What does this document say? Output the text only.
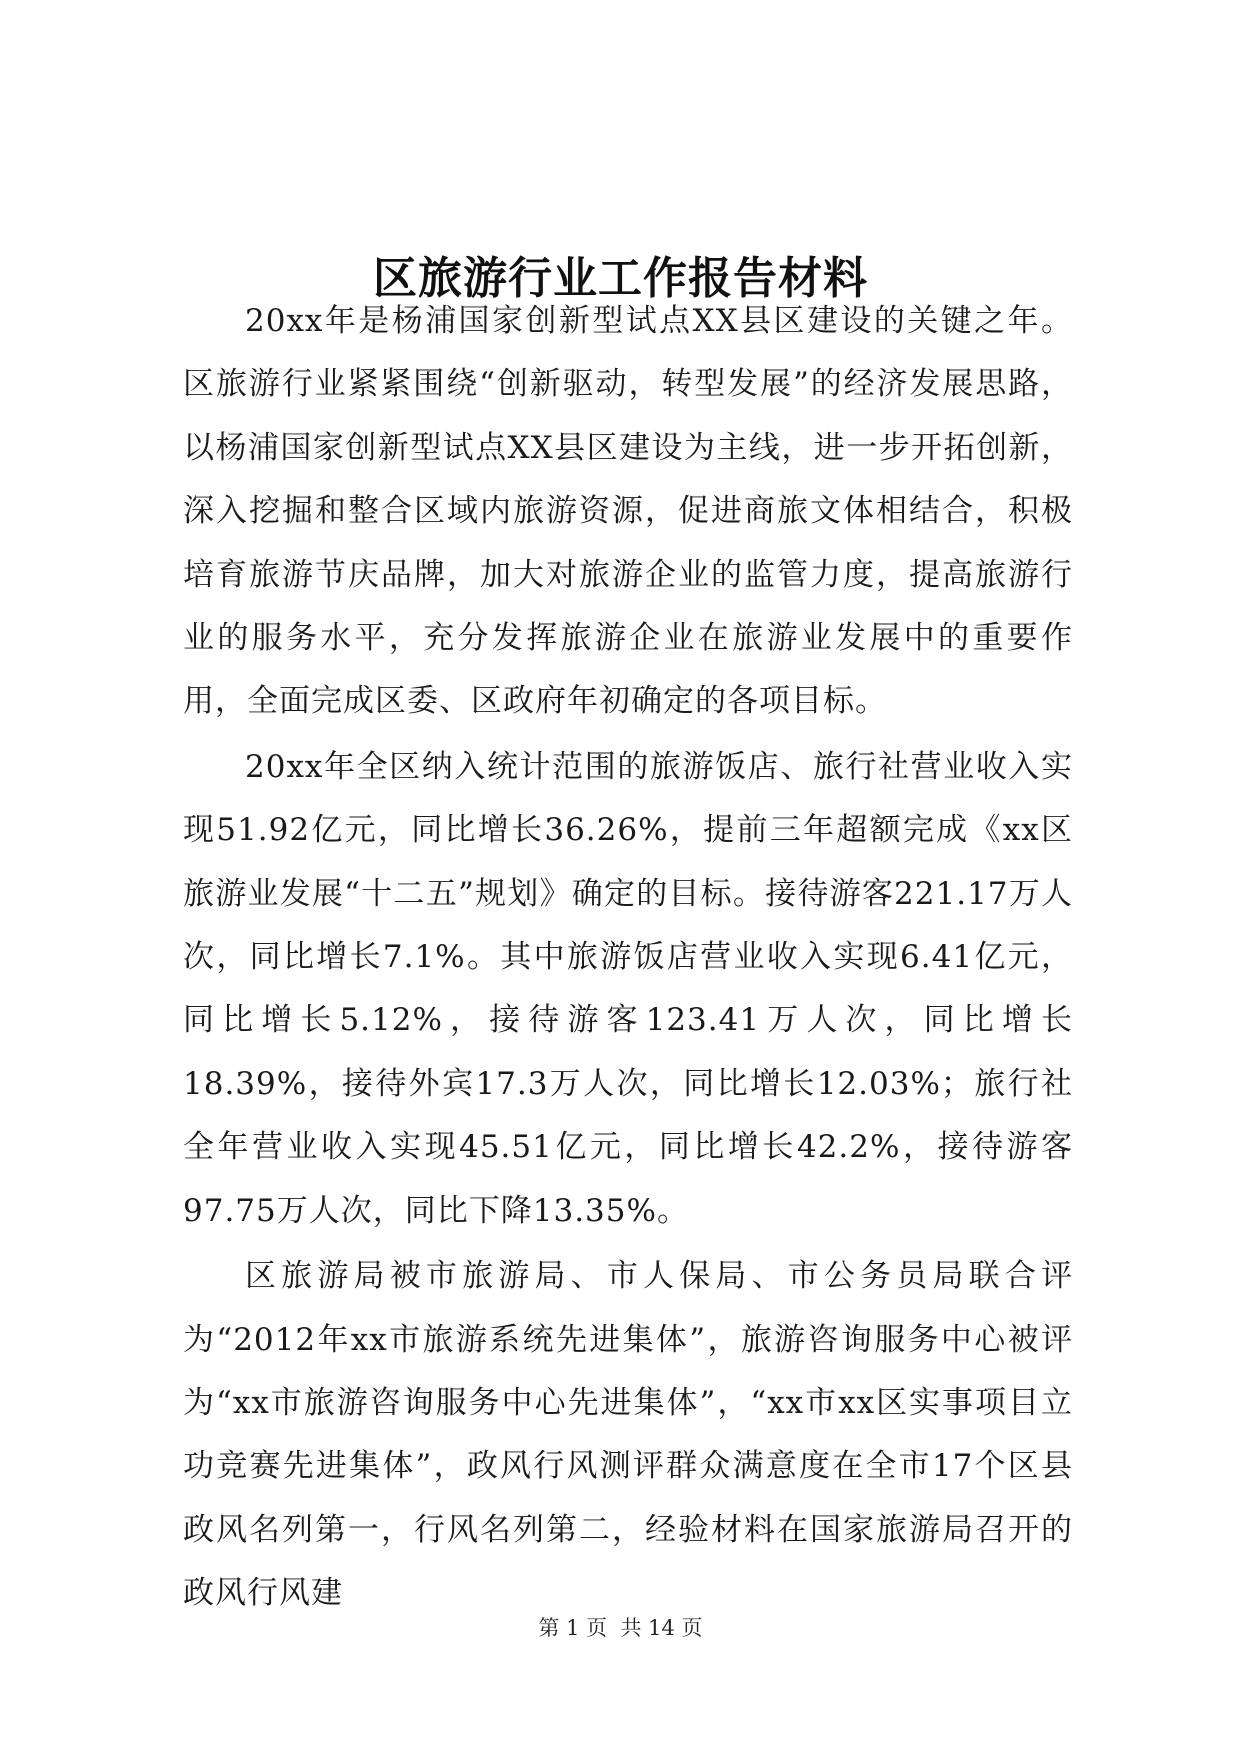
区旅游行业工作报告材料

20xx年是杨浦国家创新型试点XX县区建设的关键之年。区旅游行业紧紧围绕“创新驱动，转型发展”的经济发展思路，以杨浦国家创新型试点XX县区建设为主线，进一步开拓创新，深入挖掘和整合区域内旅游资源，促进商旅文体相结合，积极培育旅游节庆品牌，加大对旅游企业的监管力度，提高旅游行业的服务水平，充分发挥旅游企业在旅游业发展中的重要作用，全面完成区委、区政府年初确定的各项目标。

20xx年全区纳入统计范围的旅游饭店、旅行社营业收入实现51.92亿元，同比增长36.26%，提前三年超额完成《xx区旅游业发展“十二五”规划》确定的目标。接待游客221.17万人次，同比增长7.1%。其中旅游饭店营业收入实现6.41亿元，同比增长5.12%，接待游客123.41万人次，同比增长18.39%，接待外宾17.3万人次，同比增长12.03%；旅行社全年营业收入实现45.51亿元，同比增长42.2%，接待游客97.75万人次，同比下降13.35%。

区旅游局被市旅游局、市人保局、市公务员局联合评为“2012年xx市旅游系统先进集体”，旅游咨询服务中心被评为“xx市旅游咨询服务中心先进集体”，“xx市xx区实事项目立功竞赛先进集体”，政风行风测评群众满意度在全市17个区县政风名列第一，行风名列第二，经验材料在国家旅游局召开的政风行风建

第 1 页  共 14 页
